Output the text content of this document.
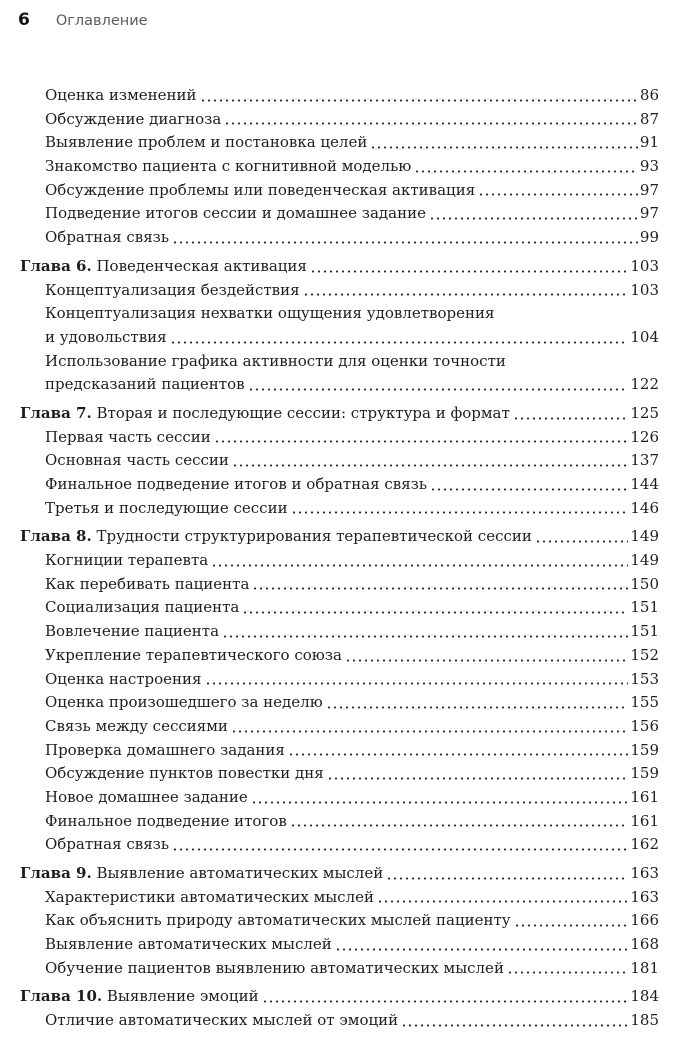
6 Оглавление
Оценка изменений	86
Обсуждение диагноза	87
Выявление проблем и постановка целей	91
Знакомство пациента с когнитивной моделью	93
Обсуждение проблемы или поведенческая активация	97
Подведение итогов сессии и домашнее задание	97
Обратная связь	99
Глава 6. Поведенческая активация	103
Концептуализация бездействия	103
Концептуализация нехватки ощущения удовлетворения
и удовольствия	104
Использование графика активности для оценки точности
предсказаний пациентов	122
Глава 7. Вторая и последующие сессии: структура и формат	125
Первая часть сессии	126
Основная часть сессии	137
Финальное подведение итогов и обратная связь	144
Третья и последующие сессии	146
Глава 8. Трудности структурирования терапевтической сессии	149
Когниции терапевта	149
Как перебивать пациента	150
Социализация пациента	151
Вовлечение пациента	151
Укрепление терапевтического союза	152
Оценка настроения	153
Оценка произошедшего за неделю	155
Связь между сессиями	156
Проверка домашнего задания	159
Обсуждение пунктов повестки дня	159
Новое домашнее задание	161
Финальное подведение итогов	161
Обратная связь	162
Глава 9. Выявление автоматических мыслей	163
Характеристики автоматических мыслей	163
Как объяснить природу автоматических мыслей пациенту	166
Выявление автоматических мыслей	168
Обучение пациентов выявлению автоматических мыслей	181
Глава 10. Выявление эмоций	184
Отличие автоматических мыслей от эмоций	185
